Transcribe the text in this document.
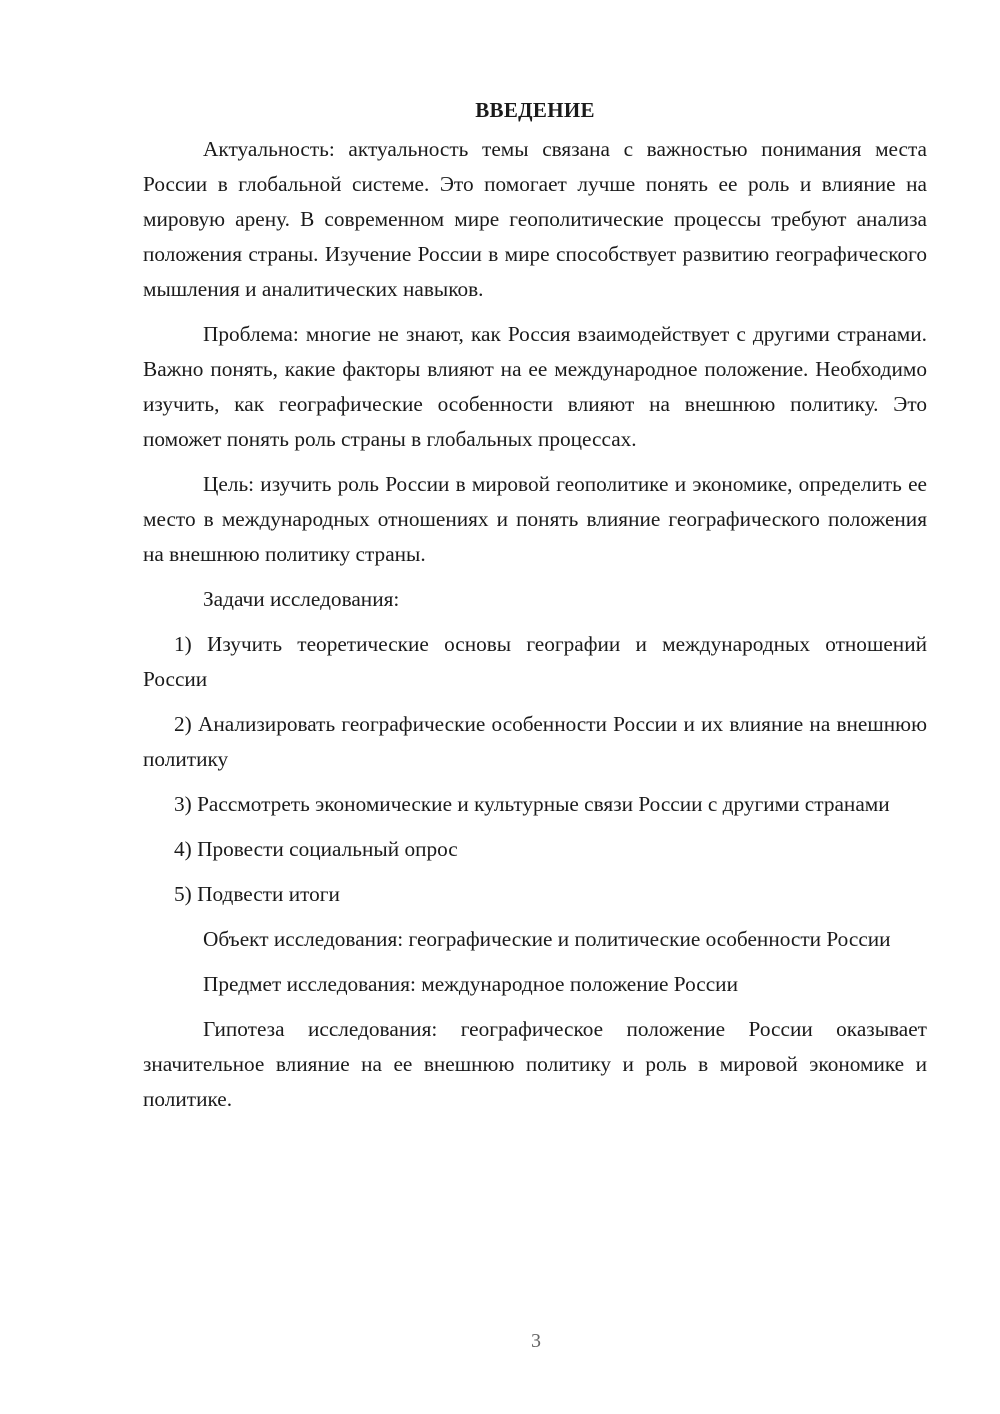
ВВЕДЕНИЕ

Актуальность: актуальность темы связана с важностью понимания места России в глобальной системе. Это помогает лучше понять ее роль и влияние на мировую арену. В современном мире геополитические процессы требуют анализа положения страны. Изучение России в мире способствует развитию географического мышления и аналитических навыков.

Проблема: многие не знают, как Россия взаимодействует с другими странами. Важно понять, какие факторы влияют на ее международное положение. Необходимо изучить, как географические особенности влияют на внешнюю политику. Это поможет понять роль страны в глобальных процессах.

Цель: изучить роль России в мировой геополитике и экономике, определить ее место в международных отношениях и понять влияние географического положения на внешнюю политику страны.

Задачи исследования:

1) Изучить теоретические основы географии и международных отношений России

2) Анализировать географические особенности России и их влияние на внешнюю политику

3) Рассмотреть экономические и культурные связи России с другими странами

4) Провести социальный опрос

5) Подвести итоги

Объект исследования: географические и политические особенности России

Предмет исследования: международное положение России

Гипотеза исследования: географическое положение России оказывает значительное влияние на ее внешнюю политику и роль в мировой экономике и политике.

3
